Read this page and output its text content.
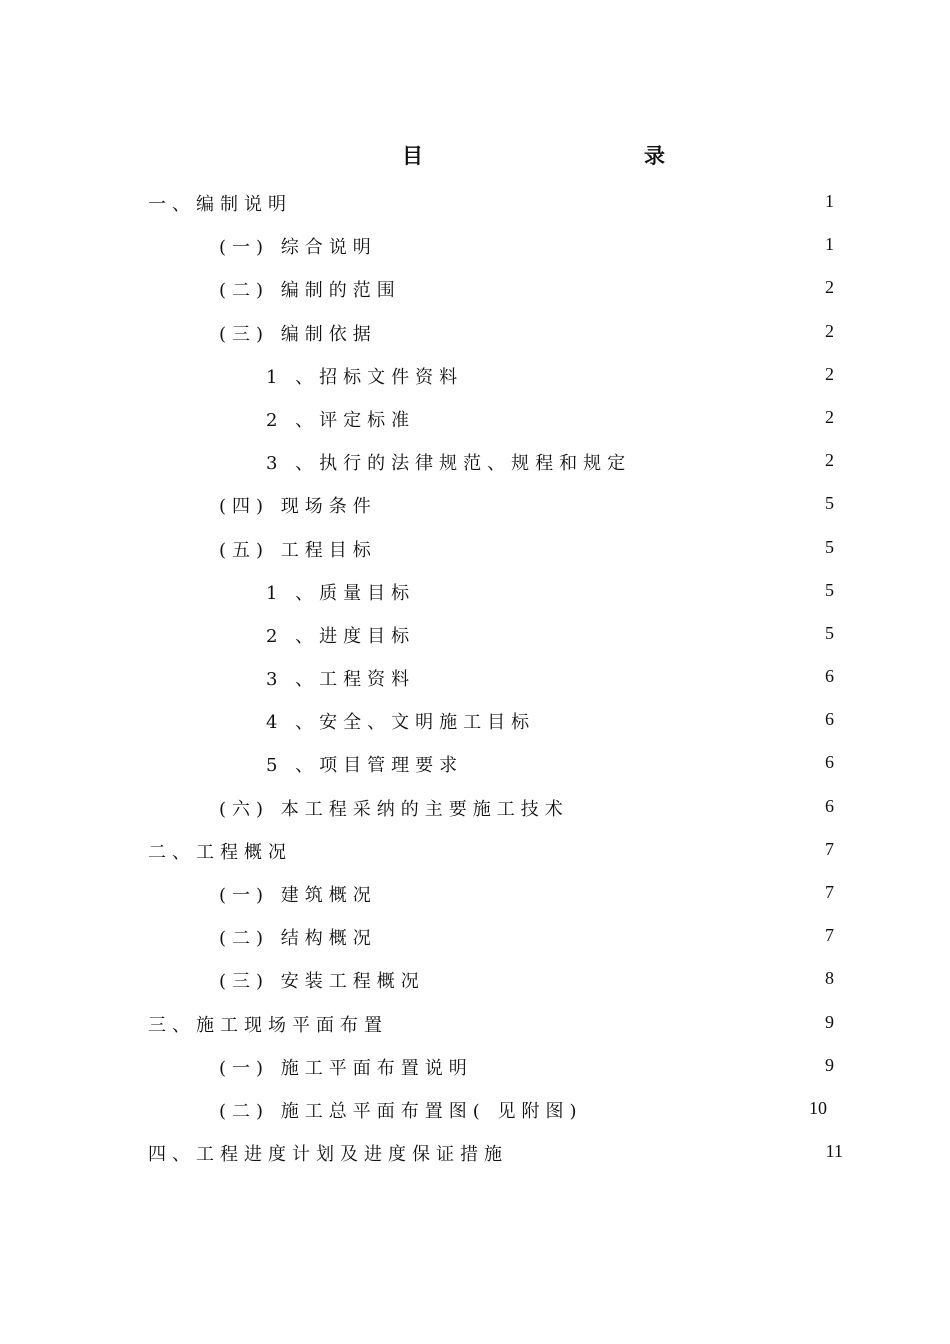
目	录
一、编制说明	1
(一) 综合说明	1
(二) 编制的范围	2
(三) 编制依据	2
1 、招标文件资料	2
2 、评定标准	2
3 、执行的法律规范、规程和规定	2
(四) 现场条件	5
(五) 工程目标	5
1 、质量目标	5
2 、进度目标	5
3 、工程资料	6
4 、安全、文明施工目标	6
5 、项目管理要求	6
(六) 本工程采纳的主要施工技术	6
二、工程概况	7
(一) 建筑概况	7
(二) 结构概况	7
(三) 安装工程概况	8
三、施工现场平面布置	9
(一) 施工平面布置说明	9
(二) 施工总平面布置图( 见附图)	10
四、工程进度计划及进度保证措施	11
